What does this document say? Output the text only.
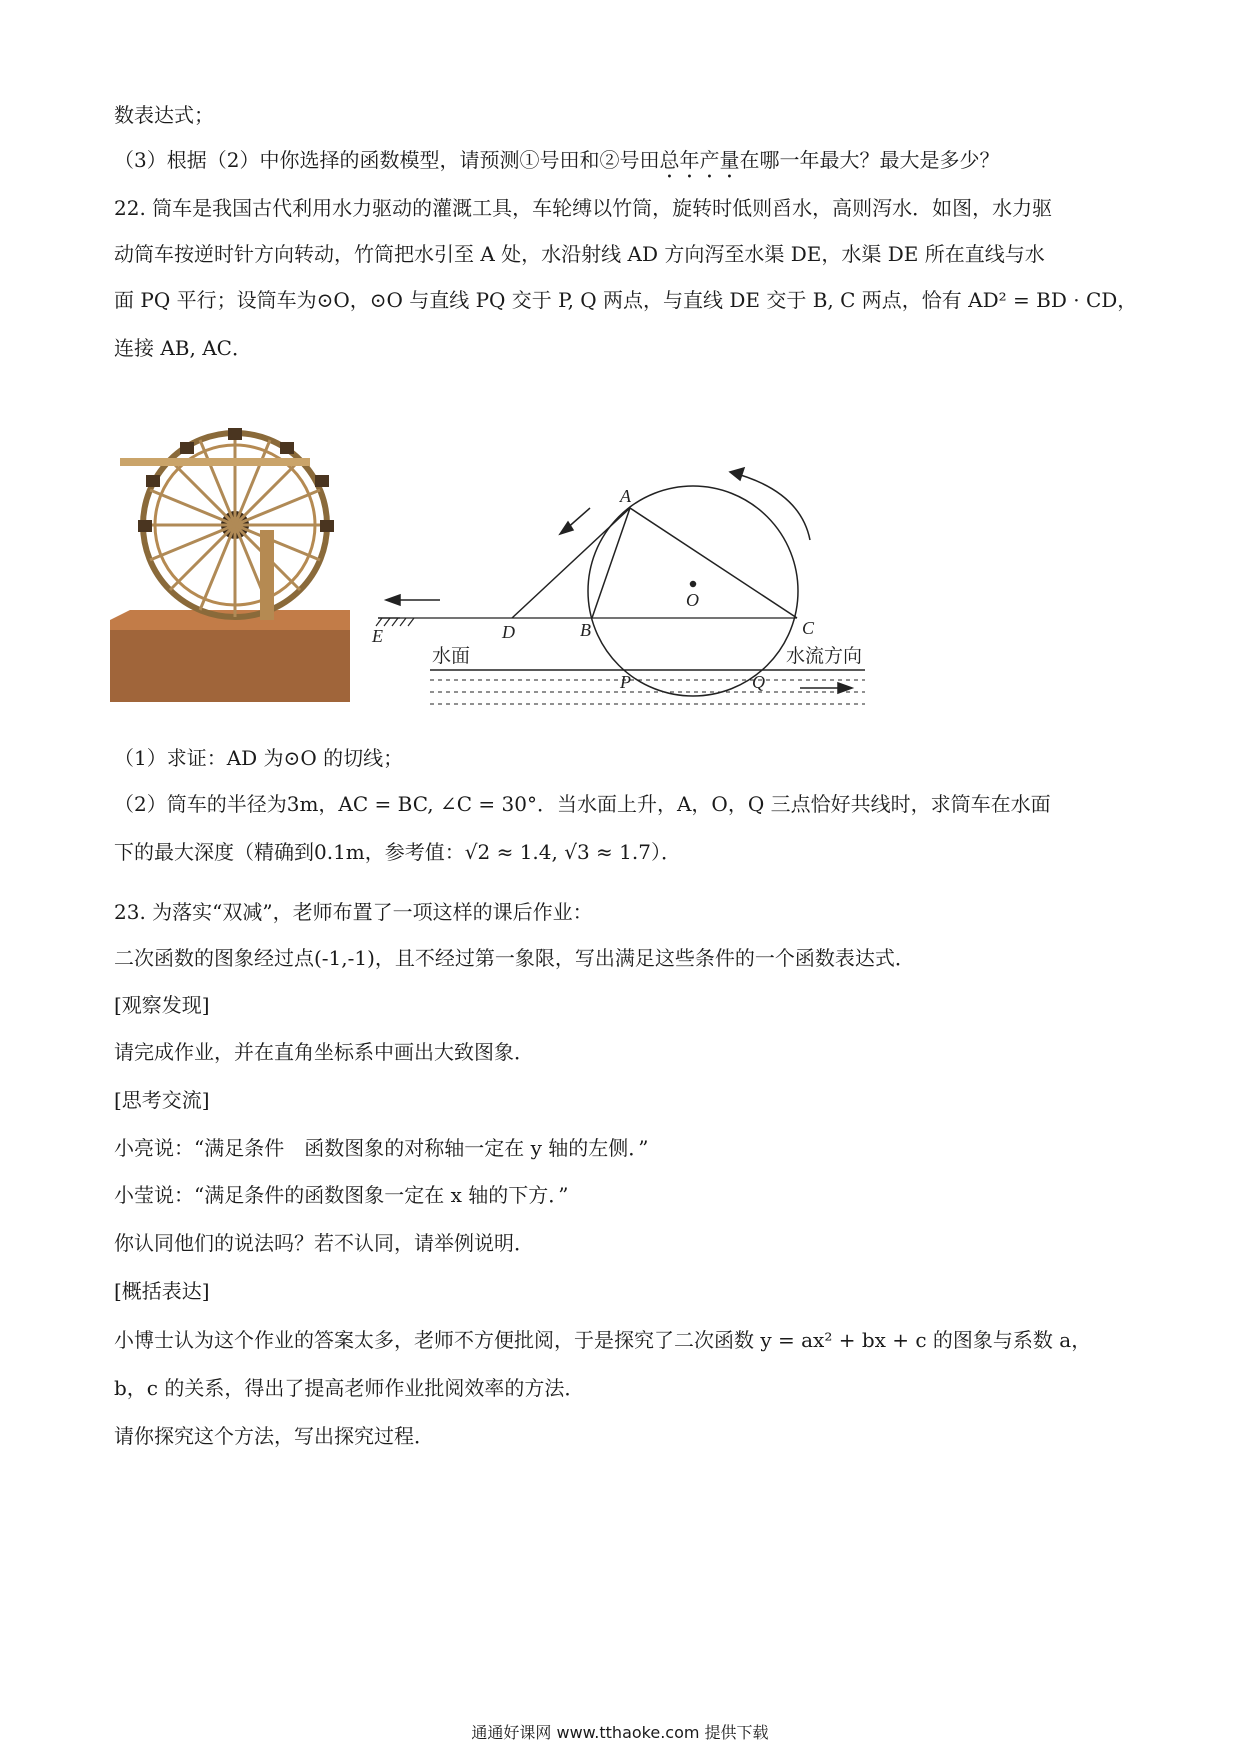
数表达式；
（3）根据（2）中你选择的函数模型，请预测①号田和②号田总年产量在哪一年最大？最大是多少？
22. 筒车是我国古代利用水力驱动的灌溉工具，车轮缚以竹筒，旋转时低则舀水，高则泻水．如图，水力驱
动筒车按逆时针方向转动，竹筒把水引至 A 处，水沿射线 AD 方向泻至水渠 DE，水渠 DE 所在直线与水
面 PQ 平行；设筒车为⊙O，⊙O 与直线 PQ 交于 P, Q 两点，与直线 DE 交于 B, C 两点，恰有 AD² = BD · CD，
连接 AB, AC．
A
B	C
D
E
O
P	Q
水面	水流方向
（1）求证：AD 为⊙O 的切线；
（2）筒车的半径为3m，AC = BC, ∠C = 30°．当水面上升，A，O，Q 三点恰好共线时，求筒车在水面
下的最大深度（精确到0.1m，参考值：√2 ≈ 1.4, √3 ≈ 1.7）．
23. 为落实“双减”，老师布置了一项这样的课后作业：
二次函数的图象经过点(-1,-1)，且不经过第一象限，写出满足这些条件的一个函数表达式．
[观察发现]
请完成作业，并在直角坐标系中画出大致图象．
[思考交流]
小亮说：“满足条件　函数图象的对称轴一定在 y 轴的左侧．”
小莹说：“满足条件的函数图象一定在 x 轴的下方．”
你认同他们的说法吗？若不认同，请举例说明．
[概括表达]
小博士认为这个作业的答案太多，老师不方便批阅，于是探究了二次函数 y = ax² + bx + c 的图象与系数 a，
b，c 的关系，得出了提高老师作业批阅效率的方法．
请你探究这个方法，写出探究过程．
通通好课网 www.tthaoke.com 提供下载
